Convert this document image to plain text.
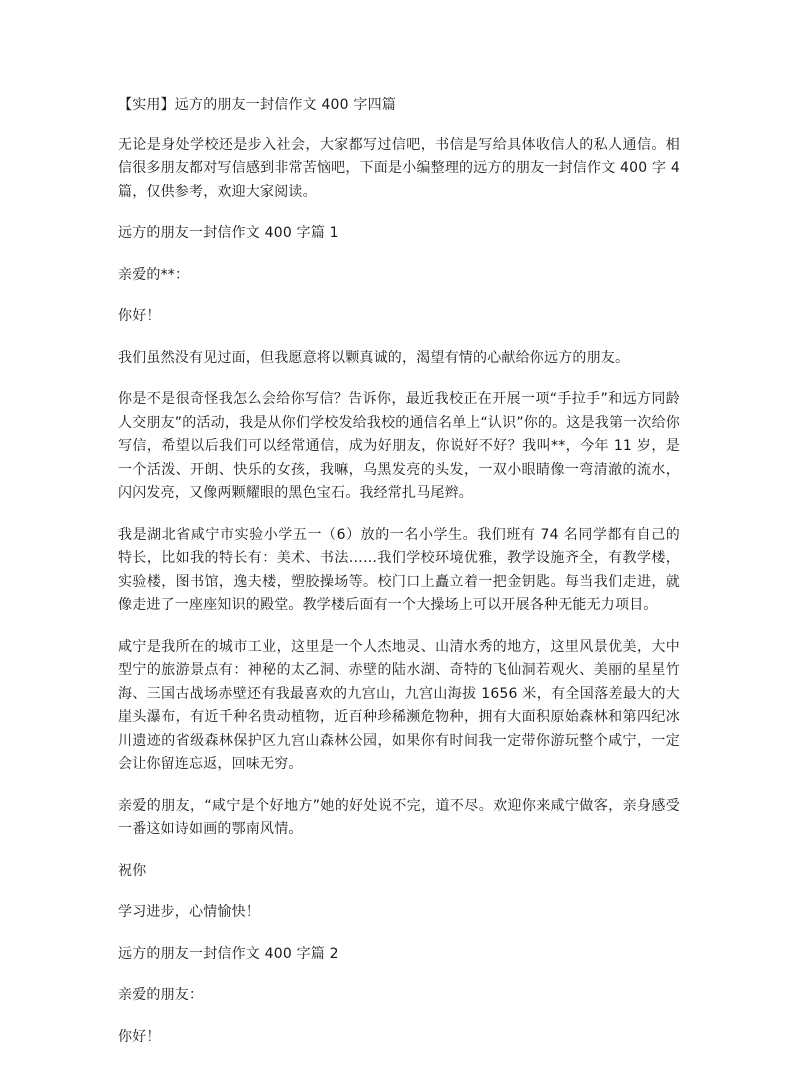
【实用】远方的朋友一封信作文 400 字四篇

无论是身处学校还是步入社会，大家都写过信吧，书信是写给具体收信人的私人通信。相信很多朋友都对写信感到非常苦恼吧，下面是小编整理的远方的朋友一封信作文 400 字 4 篇，仅供参考，欢迎大家阅读。

远方的朋友一封信作文 400 字篇 1

亲爱的**：

你好！

我们虽然没有见过面，但我愿意将以颗真诚的，渴望有情的心献给你远方的朋友。

你是不是很奇怪我怎么会给你写信？告诉你，最近我校正在开展一项“手拉手”和远方同龄人交朋友”的活动，我是从你们学校发给我校的通信名单上“认识”你的。这是我第一次给你写信，希望以后我们可以经常通信，成为好朋友，你说好不好？我叫**，今年 11 岁，是一个活泼、开朗、快乐的女孩，我嘛，乌黑发亮的头发，一双小眼睛像一弯清澈的流水，闪闪发亮，又像两颗耀眼的黑色宝石。我经常扎马尾辫。

我是湖北省咸宁市实验小学五一（6）放的一名小学生。我们班有 74 名同学都有自己的特长，比如我的特长有：美术、书法……我们学校环境优雅，教学设施齐全，有教学楼，实验楼，图书馆，逸夫楼，塑胶操场等。校门口上矗立着一把金钥匙。每当我们走进，就像走进了一座座知识的殿堂。教学楼后面有一个大操场上可以开展各种无能无力项目。

咸宁是我所在的城市工业，这里是一个人杰地灵、山清水秀的地方，这里风景优美，大中型宁的旅游景点有：神秘的太乙洞、赤壁的陆水湖、奇特的飞仙洞若观火、美丽的星星竹海、三国古战场赤壁还有我最喜欢的九宫山，九宫山海拔 1656 米，有全国落差最大的大崖头瀑布，有近千种名贵动植物，近百种珍稀濒危物种，拥有大面积原始森林和第四纪冰川遗迹的省级森林保护区九宫山森林公园，如果你有时间我一定带你游玩整个咸宁，一定会让你留连忘返，回味无穷。

亲爱的朋友，“咸宁是个好地方”她的好处说不完，道不尽。欢迎你来咸宁做客，亲身感受一番这如诗如画的鄂南风情。

祝你

学习进步，心情愉快！

远方的朋友一封信作文 400 字篇 2

亲爱的朋友：

你好！
